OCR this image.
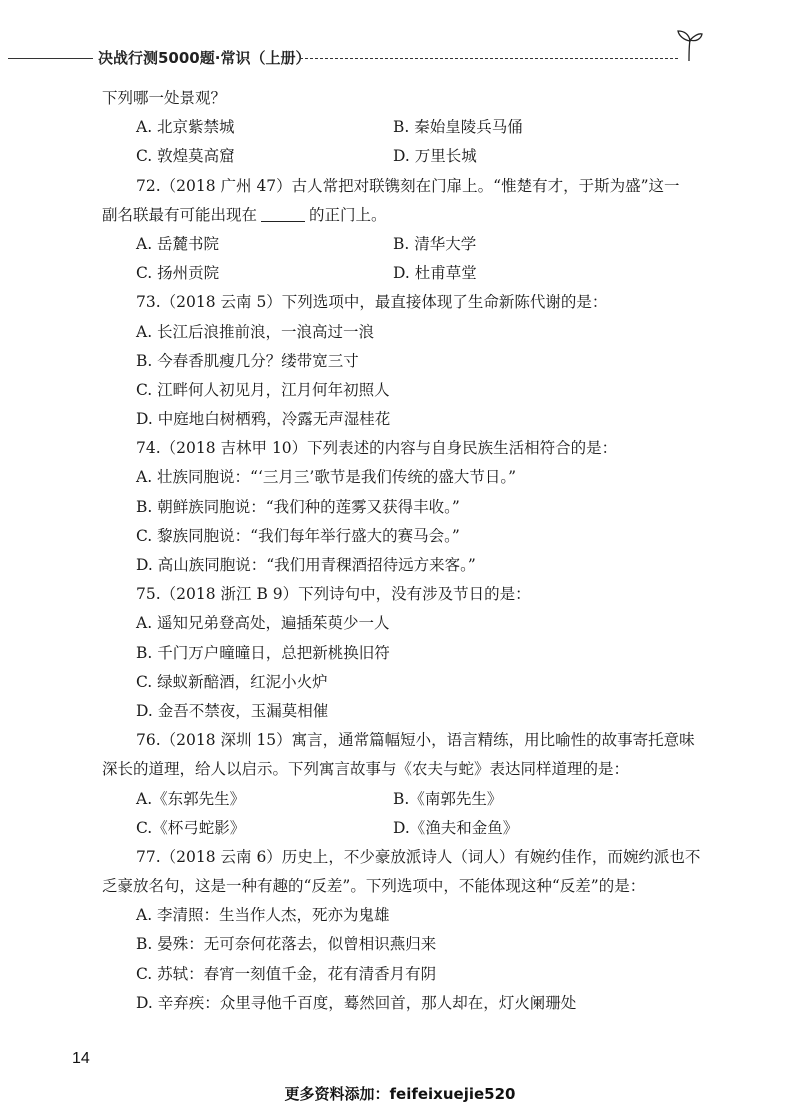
决战行测5000题·常识（上册）
下列哪一处景观？
A. 北京紫禁城	B. 秦始皇陵兵马俑
C. 敦煌莫高窟	D. 万里长城
72.（2018 广州 47）古人常把对联镌刻在门扉上。“惟楚有才，于斯为盛”这一
副名联最有可能出现在	的正门上。
A. 岳麓书院	B. 清华大学
C. 扬州贡院	D. 杜甫草堂
73.（2018 云南 5）下列选项中，最直接体现了生命新陈代谢的是：
A. 长江后浪推前浪，一浪高过一浪
B. 今春香肌瘦几分？缕带宽三寸
C. 江畔何人初见月，江月何年初照人
D. 中庭地白树栖鸦，冷露无声湿桂花
74.（2018 吉林甲 10）下列表述的内容与自身民族生活相符合的是：
A. 壮族同胞说：“‘三月三’歌节是我们传统的盛大节日。”
B. 朝鲜族同胞说：“我们种的莲雾又获得丰收。”
C. 黎族同胞说：“我们每年举行盛大的赛马会。”
D. 高山族同胞说：“我们用青稞酒招待远方来客。”
75.（2018 浙江 B 9）下列诗句中，没有涉及节日的是：
A. 遥知兄弟登高处，遍插茱萸少一人
B. 千门万户曈曈日，总把新桃换旧符
C. 绿蚁新醅酒，红泥小火炉
D. 金吾不禁夜，玉漏莫相催
76.（2018 深圳 15）寓言，通常篇幅短小，语言精练，用比喻性的故事寄托意味
深长的道理，给人以启示。下列寓言故事与《农夫与蛇》表达同样道理的是：
A.《东郭先生》	B.《南郭先生》
C.《杯弓蛇影》	D.《渔夫和金鱼》
77.（2018 云南 6）历史上，不少豪放派诗人（词人）有婉约佳作，而婉约派也不
乏豪放名句，这是一种有趣的“反差”。下列选项中，不能体现这种“反差”的是：
A. 李清照：生当作人杰，死亦为鬼雄
B. 晏殊：无可奈何花落去，似曾相识燕归来
C. 苏轼：春宵一刻值千金，花有清香月有阴
D. 辛弃疾：众里寻他千百度，蓦然回首，那人却在，灯火阑珊处
14
更多资料添加：feifeixuejie520
